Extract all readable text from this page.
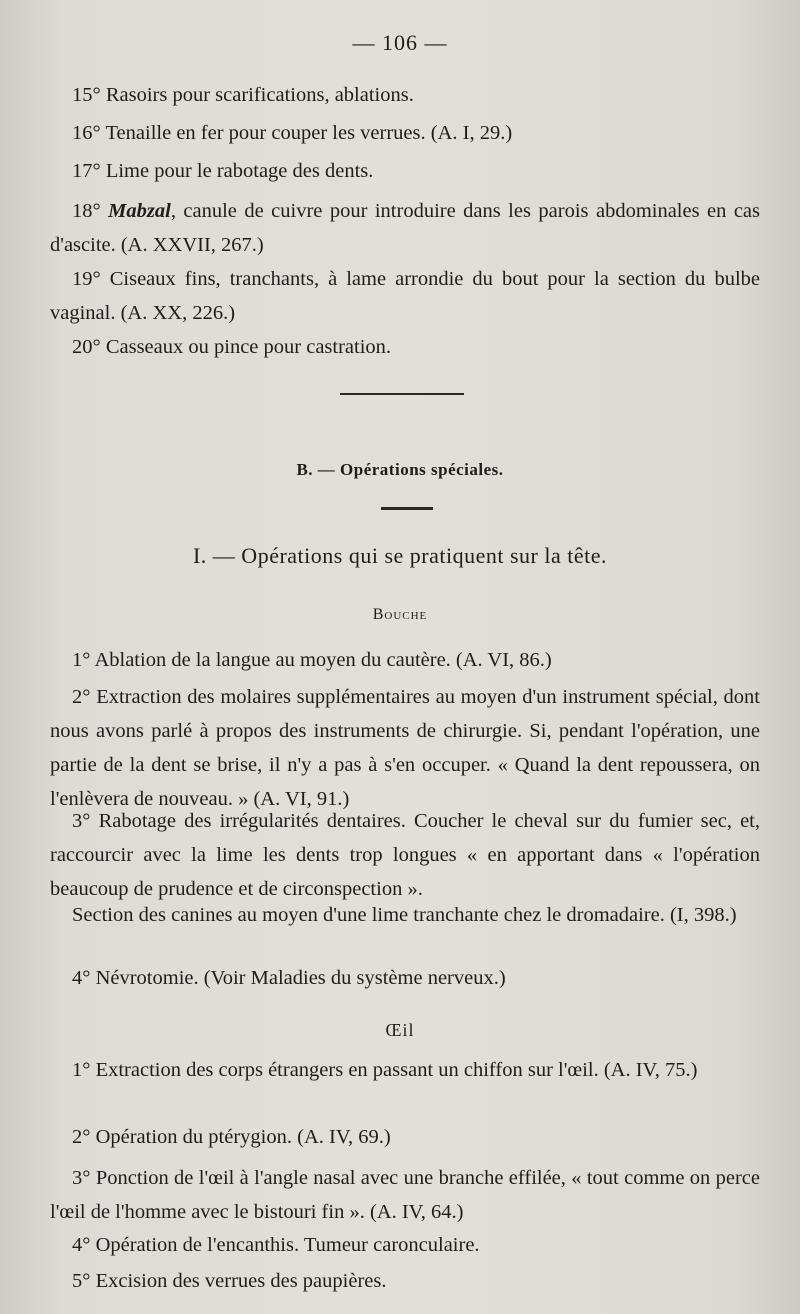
— 106 —

15° Rasoirs pour scarifications, ablations.

16° Tenaille en fer pour couper les verrues. (A. I, 29.)

17° Lime pour le rabotage des dents.

18° Mabzal, canule de cuivre pour introduire dans les parois abdominales en cas d'ascite. (A. XXVII, 267.)

19° Ciseaux fins, tranchants, à lame arrondie du bout pour la section du bulbe vaginal. (A. XX, 226.)

20° Casseaux ou pince pour castration.

B. — Opérations spéciales.
I. — Opérations qui se pratiquent sur la tête.
Bouche

1° Ablation de la langue au moyen du cautère. (A. VI, 86.)

2° Extraction des molaires supplémentaires au moyen d'un instrument spécial, dont nous avons parlé à propos des instruments de chirurgie. Si, pendant l'opération, une partie de la dent se brise, il n'y a pas à s'en occuper. « Quand la dent repoussera, on l'enlèvera de nouveau. » (A. VI, 91.)

3° Rabotage des irrégularités dentaires. Coucher le cheval sur du fumier sec, et, raccourcir avec la lime les dents trop longues « en apportant dans « l'opération beaucoup de prudence et de circonspection ».

Section des canines au moyen d'une lime tranchante chez le dromadaire. (I, 398.)

4° Névrotomie. (Voir Maladies du système nerveux.)

Œil

1° Extraction des corps étrangers en passant un chiffon sur l'œil. (A. IV, 75.)

2° Opération du ptérygion. (A. IV, 69.)

3° Ponction de l'œil à l'angle nasal avec une branche effilée, « tout comme on perce l'œil de l'homme avec le bistouri fin ». (A. IV, 64.)

4° Opération de l'encanthis. Tumeur caronculaire.

5° Excision des verrues des paupières.
